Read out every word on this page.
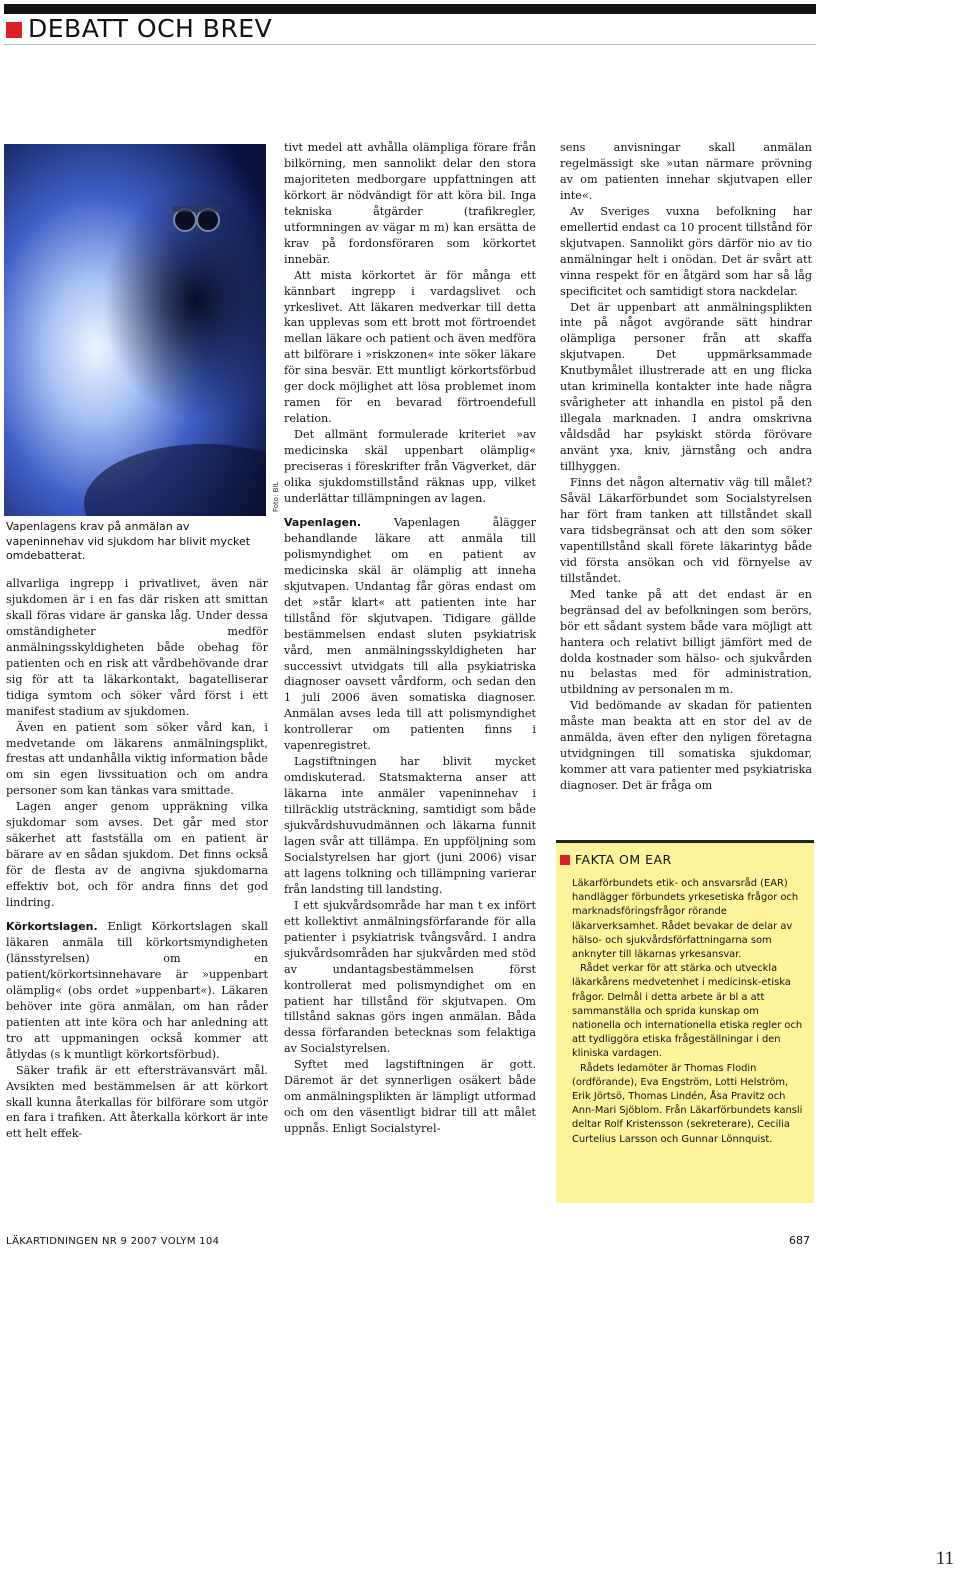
DEBATT OCH BREV
Foto: BIL
Vapenlagens krav på anmälan av vapeninnehav vid sjukdom har blivit mycket omdebatterat.

allvarliga ingrepp i privatlivet, även när sjukdomen är i en fas där risken att smittan skall föras vidare är ganska låg. Under dessa omständigheter medför anmälningsskyldigheten både obehag för patienten och en risk att vårdbehövande drar sig för att ta läkarkontakt, bagatelliserar tidiga symtom och söker vård först i ett manifest stadium av sjukdomen.

Även en patient som söker vård kan, i medvetande om läkarens anmälningsplikt, frestas att undanhålla viktig information både om sin egen livssituation och om andra personer som kan tänkas vara smittade.

Lagen anger genom uppräkning vilka sjukdomar som avses. Det går med stor säkerhet att fastställa om en patient är bärare av en sådan sjukdom. Det finns också för de flesta av de angivna sjukdomarna effektiv bot, och för andra finns det god lindring.

Körkortslagen. Enligt Körkortslagen skall läkaren anmäla till körkortsmyndigheten (länsstyrelsen) om en patient/körkortsinnehavare är »uppenbart olämplig« (obs ordet »uppenbart«). Läkaren behöver inte göra anmälan, om han råder patienten att inte köra och har anledning att tro att uppmaningen också kommer att åtlydas (s k muntligt körkortsförbud).

Säker trafik är ett eftersträvansvärt mål. Avsikten med bestämmelsen är att körkort skall kunna återkallas för bilförare som utgör en fara i trafiken. Att återkalla körkort är inte ett helt effek-

tivt medel att avhålla olämpliga förare från bilkörning, men sannolikt delar den stora majoriteten medborgare uppfattningen att körkort är nödvändigt för att köra bil. Inga tekniska åtgärder (trafikregler, utformningen av vägar m m) kan ersätta de krav på fordonsföraren som körkortet innebär.

Att mista körkortet är för många ett kännbart ingrepp i vardagslivet och yrkeslivet. Att läkaren medverkar till detta kan upplevas som ett brott mot förtroendet mellan läkare och patient och även medföra att bilförare i »riskzonen« inte söker läkare för sina besvär. Ett muntligt körkortsförbud ger dock möjlighet att lösa problemet inom ramen för en bevarad förtroendefull relation.

Det allmänt formulerade kriteriet »av medicinska skäl uppenbart olämplig« preciseras i föreskrifter från Vägverket, där olika sjukdomstillstånd räknas upp, vilket underlättar tillämpningen av lagen.

Vapenlagen.	Vapenlagen ålägger behandlande läkare att anmäla till polismyndighet om en patient av medicinska skäl är olämplig att inneha skjutvapen. Undantag får göras endast om det »står klart« att patienten inte har tillstånd för skjutvapen. Tidigare gällde bestämmelsen endast sluten psykiatrisk vård, men anmälningsskyldigheten har successivt utvidgats till alla psykiatriska diagnoser oavsett vårdform, och sedan den 1 juli 2006 även somatiska diagnoser. Anmälan avses leda till att polismyndighet kontrollerar om patienten finns i vapenregistret.

Lagstiftningen har blivit mycket omdiskuterad. Statsmakterna anser att läkarna inte anmäler vapeninnehav i tillräcklig utsträckning, samtidigt som både sjukvårdshuvudmännen och läkarna funnit lagen svår att tillämpa. En uppföljning som Socialstyrelsen har gjort (juni 2006) visar att lagens tolkning och tillämpning varierar från landsting till landsting.

I ett sjukvårdsområde har man t ex infört ett kollektivt anmälningsförfarande för alla patienter i psykiatrisk tvångsvård. I andra sjukvårdsområden har sjukvården med stöd av undantagsbestämmelsen först kontrollerat med polismyndighet om en patient har tillstånd för skjutvapen. Om tillstånd saknas görs ingen anmälan. Båda dessa förfaranden betecknas som felaktiga av Socialstyrelsen.

Syftet med lagstiftningen är gott. Däremot är det synnerligen osäkert både om anmälningsplikten är lämpligt utformad och om den väsentligt bidrar till att målet uppnås. Enligt Socialstyrel-

sens anvisningar skall anmälan regelmässigt ske »utan närmare prövning av om patienten innehar skjutvapen eller inte«.

Av Sveriges vuxna befolkning har emellertid endast ca 10 procent tillstånd för skjutvapen. Sannolikt görs därför nio av tio anmälningar helt i onödan. Det är svårt att vinna respekt för en åtgärd som har så låg specificitet och samtidigt stora nackdelar.

Det är uppenbart att anmälningsplikten inte på något avgörande sätt hindrar olämpliga personer från att skaffa skjutvapen. Det uppmärksammade Knutbymålet illustrerade att en ung flicka utan kriminella kontakter inte hade några svårigheter att inhandla en pistol på den illegala marknaden. I andra omskrivna våldsdåd har psykiskt störda förövare använt yxa, kniv, järnstång och andra tillhyggen.

Finns det någon alternativ väg till målet? Såväl Läkarförbundet som Socialstyrelsen har fört fram tanken att tillståndet skall vara tidsbegränsat och att den som söker vapentillstånd skall förete läkarintyg både vid första ansökan och vid förnyelse av tillståndet.

Med tanke på att det endast är en begränsad del av befolkningen som berörs, bör ett sådant system både vara möjligt att hantera och relativt billigt jämfört med de dolda kostnader som hälso- och sjukvården nu belastas med för administration, utbildning av personalen m m.

Vid bedömande av skadan för patienten måste man beakta att en stor del av de anmälda, även efter den nyligen företagna utvidgningen till somatiska sjukdomar, kommer att vara patienter med psykiatriska diagnoser. Det är fråga om

FAKTA OM EAR

Läkarförbundets etik- och ansvarsråd (EAR) handlägger förbundets yrkesetiska frågor och marknadsföringsfrågor rörande läkarverksamhet. Rådet bevakar de delar av hälso- och sjukvårdsförfattningarna som anknyter till läkarnas yrkesansvar.

Rådet verkar för att stärka och utveckla läkarkårens medvetenhet i medicinsk-etiska frågor. Delmål i detta arbete är bl a att sammanställa och sprida kunskap om nationella och internationella etiska regler och att tydliggöra etiska frågeställningar i den kliniska vardagen.

Rådets ledamöter är Thomas Flodin (ordförande), Eva Engström, Lotti Helström, Erik Jörtsö, Thomas Lindén, Åsa Pravitz och Ann-Mari Sjöblom. Från Läkarförbundets kansli deltar Rolf Kristensson (sekreterare), Cecilia Curtelius Larsson och Gunnar Lönnquist.

LÄKARTIDNINGEN NR 9 2007 VOLYM 104	687
11
